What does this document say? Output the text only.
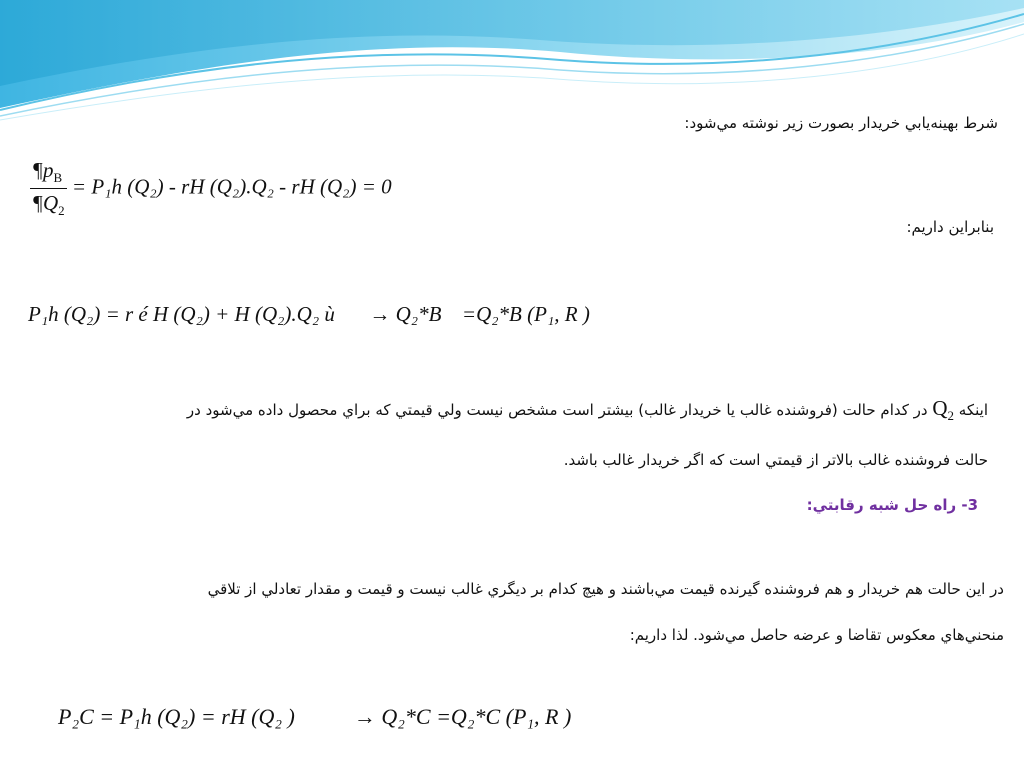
شرط بهينه‌يابي خريدار بصورت زير نوشته مي‌شود:
$\frac{\P p_B}{\P Q_2} = P_1h$ (Q₂) - rH (Q₂).Q₂ - rH (Q₂) = 0
بنابراين داريم:
P₁h (Q₂) = r é H (Q₂) + H (Q₂).Q₂ ù → Q₂*B =Q₂*B (P₁, R )
اينكه $Q_2$ در كدام حالت (فروشنده غالب يا خريدار غالب) بيشتر است مشخص نيست ولي قيمتي كه براي محصول داده مي‌شود در
حالت فروشنده غالب بالاتر از قيمتي است كه اگر خريدار غالب باشد.
3- راه حل شبه رقابتي:
در اين حالت هم خريدار و هم فروشنده گيرنده قيمت مي‌باشند و هيچ كدام بر ديگري غالب نيست و قيمت و مقدار تعادلي از تلاقي
منحني‌هاي معكوس تقاضا و عرضه حاصل مي‌شود. لذا داريم:
P₂C = P₁h (Q₂) = rH (Q₂ )	→ Q₂*C =Q₂*C (P₁, R )
